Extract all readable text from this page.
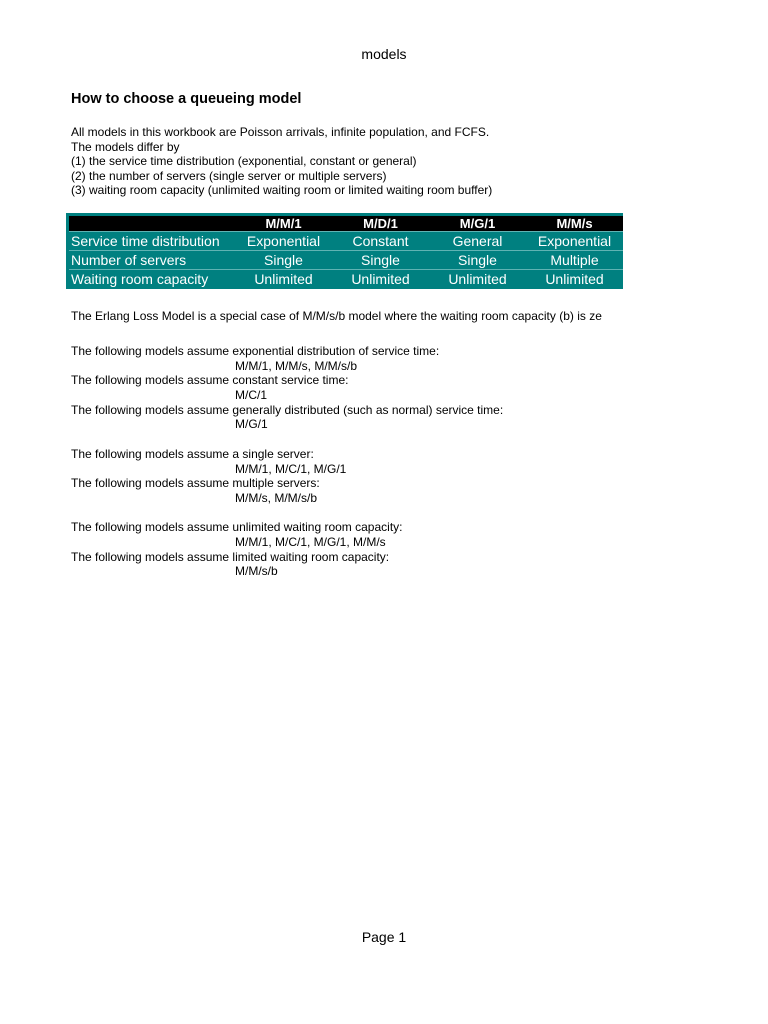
models
How to choose a queueing model
All models in this workbook are Poisson arrivals, infinite population, and FCFS.
The models differ by
(1) the service time distribution (exponential, constant or general)
(2) the number of servers (single server or multiple servers)
(3) waiting room capacity (unlimited waiting room or limited waiting room buffer)
	M/M/1	M/D/1	M/G/1	M/M/s
Service time distribution	Exponential	Constant	General	Exponential
Number of servers	Single	Single	Single	Multiple
Waiting room capacity	Unlimited	Unlimited	Unlimited	Unlimited
The Erlang Loss Model is a special case of M/M/s/b model where the waiting room capacity (b) is ze
The following models assume exponential distribution of service time:
M/M/1, M/M/s, M/M/s/b
The following models assume constant service time:
M/C/1
The following models assume generally distributed (such as normal) service time:
M/G/1
The following models assume a single server:
M/M/1, M/C/1, M/G/1
The following models assume multiple servers:
M/M/s, M/M/s/b
The following models assume unlimited waiting room capacity:
M/M/1, M/C/1, M/G/1, M/M/s
The following models assume limited waiting room capacity:
M/M/s/b
Page 1
